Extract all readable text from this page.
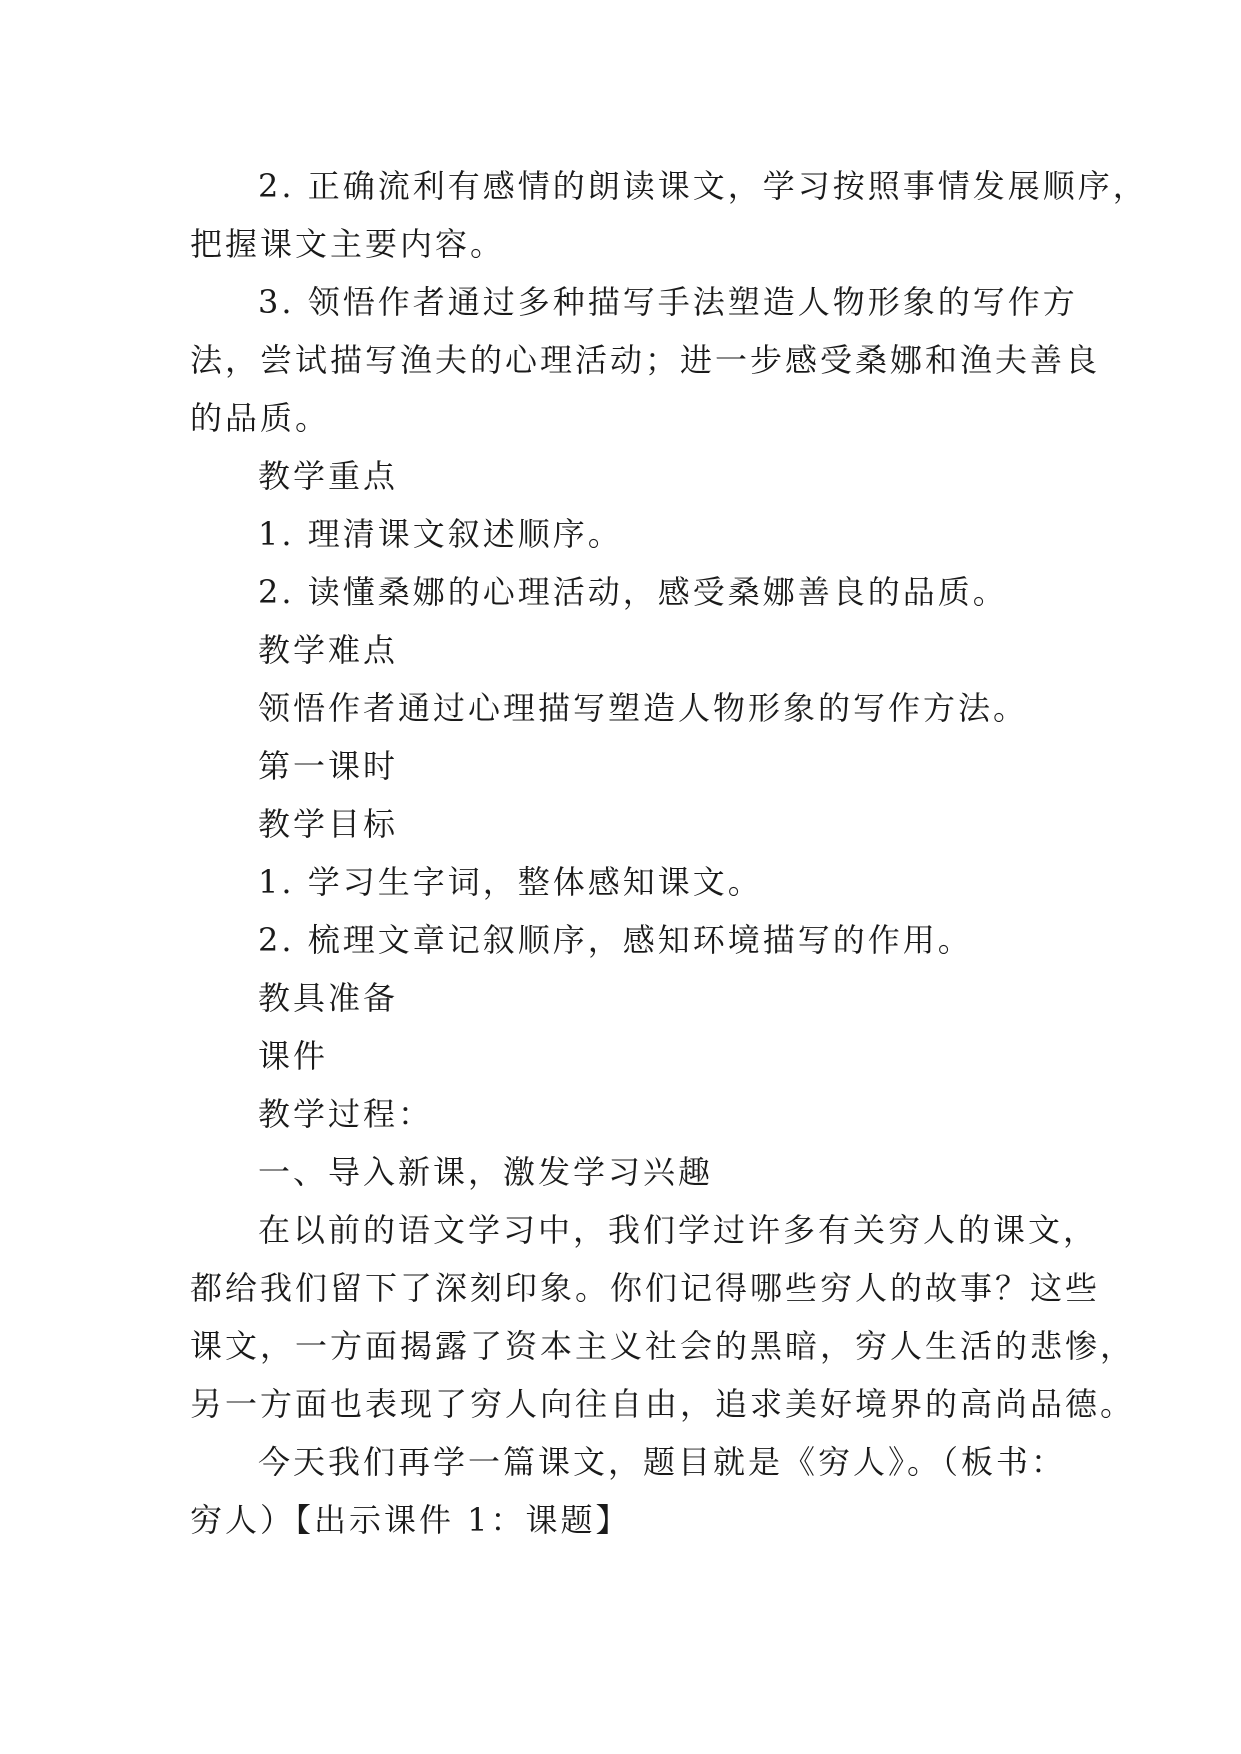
2. 正确流利有感情的朗读课文，学习按照事情发展顺序，
把握课文主要内容。
3. 领悟作者通过多种描写手法塑造人物形象的写作方
法，尝试描写渔夫的心理活动；进一步感受桑娜和渔夫善良
的品质。
教学重点
1. 理清课文叙述顺序。
2. 读懂桑娜的心理活动，感受桑娜善良的品质。
教学难点
领悟作者通过心理描写塑造人物形象的写作方法。
第一课时
教学目标
1. 学习生字词，整体感知课文。
2. 梳理文章记叙顺序，感知环境描写的作用。
教具准备
课件
教学过程：
一、导入新课，激发学习兴趣
在以前的语文学习中，我们学过许多有关穷人的课文，
都给我们留下了深刻印象。你们记得哪些穷人的故事？这些
课文，一方面揭露了资本主义社会的黑暗，穷人生活的悲惨，
另一方面也表现了穷人向往自由，追求美好境界的高尚品德。
今天我们再学一篇课文，题目就是《穷人》。（板书：
穷人）【出示课件 1：课题】
